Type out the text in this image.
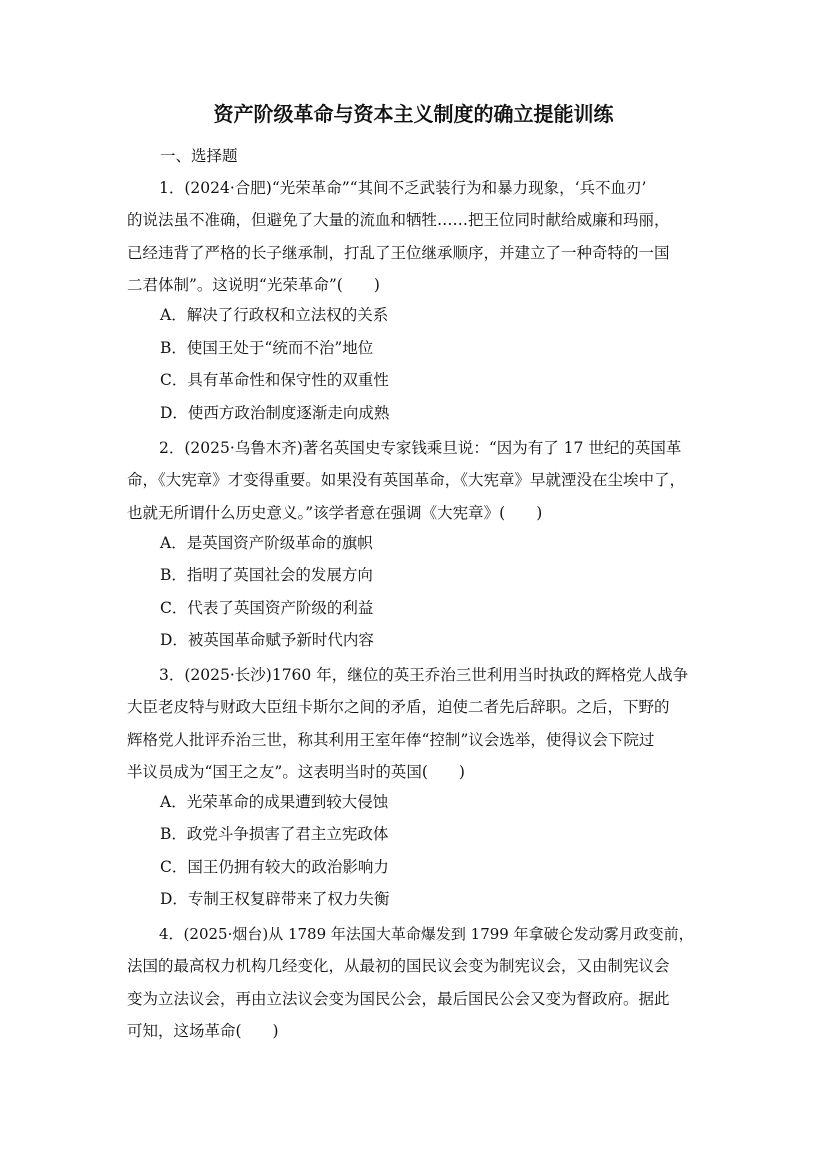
资产阶级革命与资本主义制度的确立提能训练
一、选择题
1．(2024·合肥)“光荣革命”“其间不乏武装行为和暴力现象，‘兵不血刃’
的说法虽不准确，但避免了大量的流血和牺牲……把王位同时献给威廉和玛丽，
已经违背了严格的长子继承制，打乱了王位继承顺序，并建立了一种奇特的一国
二君体制”。这说明“光荣革命”(　　)
A．解决了行政权和立法权的关系
B．使国王处于“统而不治”地位
C．具有革命性和保守性的双重性
D．使西方政治制度逐渐走向成熟
2．(2025·乌鲁木齐)著名英国史专家钱乘旦说：“因为有了 17 世纪的英国革
命，《大宪章》才变得重要。如果没有英国革命，《大宪章》早就湮没在尘埃中了，
也就无所谓什么历史意义。”该学者意在强调《大宪章》(　　)
A．是英国资产阶级革命的旗帜
B．指明了英国社会的发展方向
C．代表了英国资产阶级的利益
D．被英国革命赋予新时代内容
3．(2025·长沙)1760 年，继位的英王乔治三世利用当时执政的辉格党人战争
大臣老皮特与财政大臣纽卡斯尔之间的矛盾，迫使二者先后辞职。之后，下野的
辉格党人批评乔治三世，称其利用王室年俸“控制”议会选举，使得议会下院过
半议员成为“国王之友”。这表明当时的英国(　　)
A．光荣革命的成果遭到较大侵蚀
B．政党斗争损害了君主立宪政体
C．国王仍拥有较大的政治影响力
D．专制王权复辟带来了权力失衡
4．(2025·烟台)从 1789 年法国大革命爆发到 1799 年拿破仑发动雾月政变前，
法国的最高权力机构几经变化，从最初的国民议会变为制宪议会，又由制宪议会
变为立法议会，再由立法议会变为国民公会，最后国民公会又变为督政府。据此
可知，这场革命(　　)
